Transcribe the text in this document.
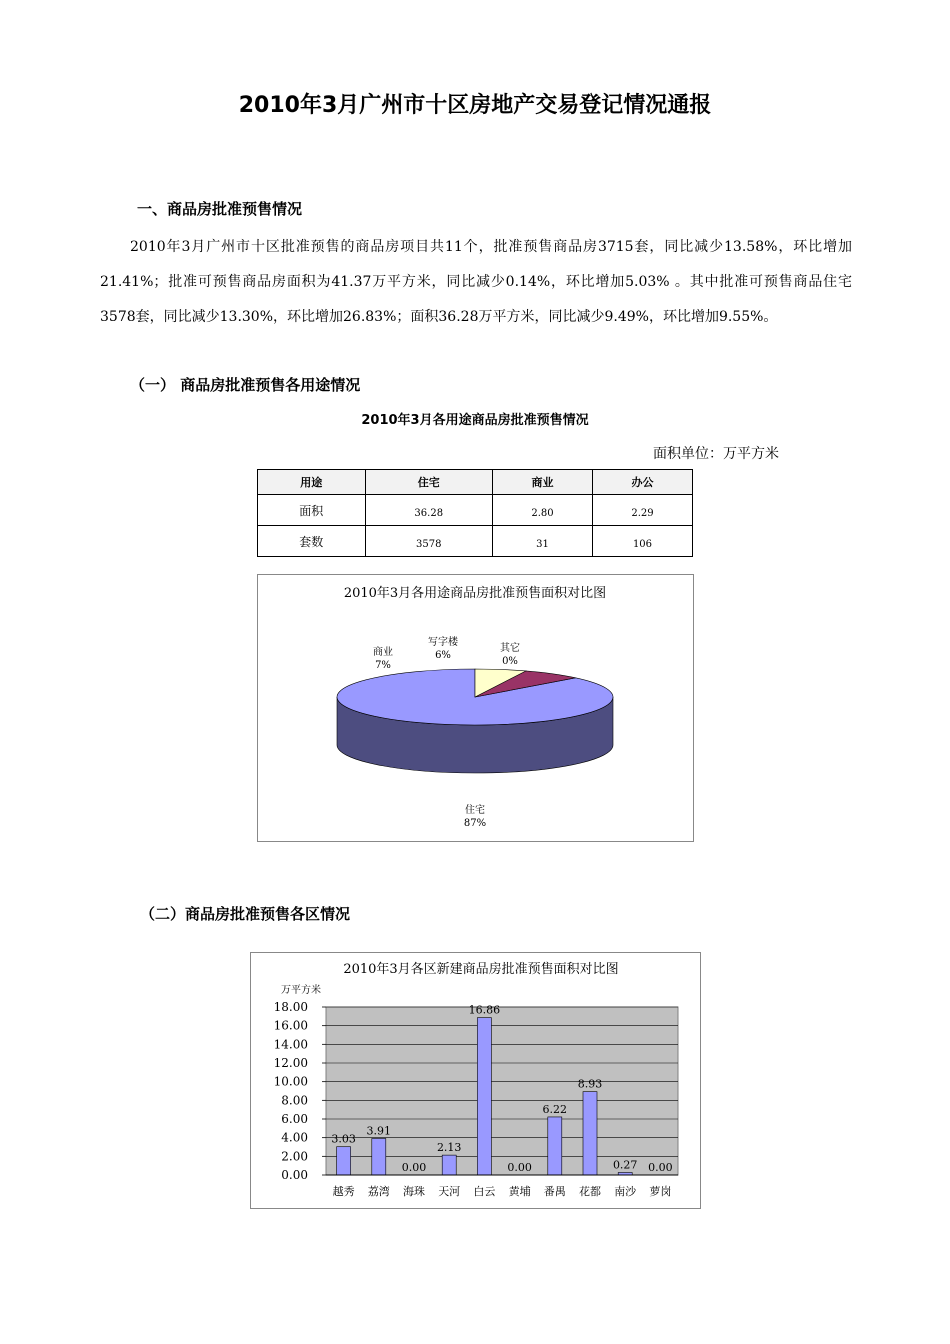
2010年3月广州市十区房地产交易登记情况通报
一、商品房批准预售情况

2010年3月广州市十区批准预售的商品房项目共11个，批准预售商品房3715套，同比减少13.58%，环比增加21.41%；批准可预售商品房面积为41.37万平方米，同比减少0.14%，环比增加5.03% 。其中批准可预售商品住宅3578套，同比减少13.30%，环比增加26.83%；面积36.28万平方米，同比减少9.49%，环比增加9.55%。

（一） 商品房批准预售各用途情况
2010年3月各用途商品房批准预售情况
面积单位：万平方米
用途	住宅	商业	办公
面积	36.28	2.80	2.29
套数	3578	31	106
2010年3月各用途商品房批准预售面积对比图
住宅
87%
商业
7%
写字楼
6%
其它
0%
（二）商品房批准预售各区情况
2010年3月各区新建商品房批准预售面积对比图
万平方米
0.00
2.00
4.00
6.00
8.00
10.00
12.00
14.00
16.00
18.00
3.03
越秀
3.91
荔湾
0.00
海珠
2.13
天河
16.86
白云
0.00
黄埔
6.22
番禺
8.93
花都
0.27
南沙
0.00
萝岗
